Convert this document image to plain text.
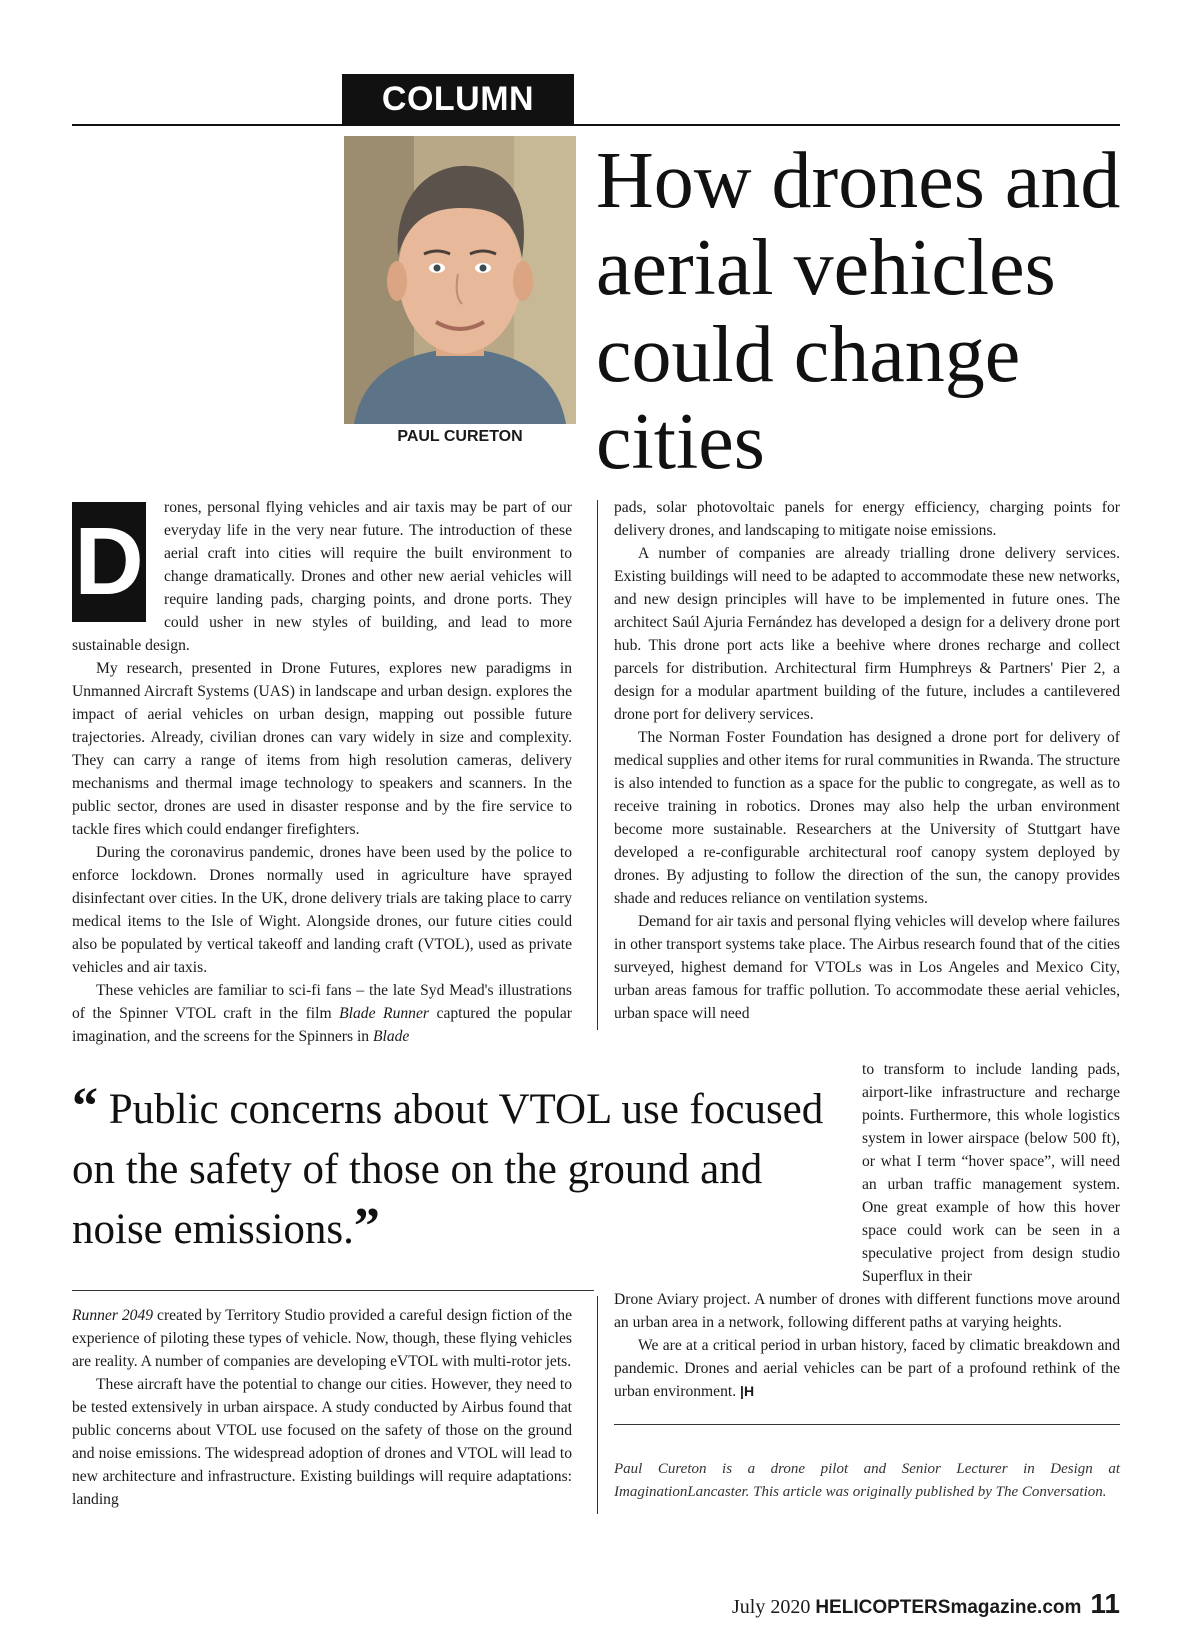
COLUMN
PAUL CURETON
How drones and aerial vehicles could change cities
D

rones, personal flying vehicles and air taxis may be part of our everyday life in the very near future. The introduction of these aerial craft into cities will require the built environment to change dramatically. Drones and other new aerial vehicles will require landing pads, charging points, and drone ports. They could usher in new styles of building, and lead to more sustainable design.

My research, presented in Drone Futures, explores new paradigms in Unmanned Aircraft Systems (UAS) in landscape and urban design. explores the impact of aerial vehicles on urban design, mapping out possible future trajectories. Already, civilian drones can vary widely in size and complexity. They can carry a range of items from high resolution cameras, delivery mechanisms and thermal image technology to speakers and scanners. In the public sector, drones are used in disaster response and by the fire service to tackle fires which could endanger firefighters.

During the coronavirus pandemic, drones have been used by the police to enforce lockdown. Drones normally used in agriculture have sprayed disinfectant over cities. In the UK, drone delivery trials are taking place to carry medical items to the Isle of Wight. Alongside drones, our future cities could also be populated by vertical takeoff and landing craft (VTOL), used as private vehicles and air taxis.

These vehicles are familiar to sci-fi fans – the late Syd Mead's illustrations of the Spinner VTOL craft in the film Blade Runner captured the popular imagination, and the screens for the Spinners in Blade

“ Public concerns about VTOL use focused on the safety of those on the ground and noise emissions.”

Runner 2049 created by Territory Studio provided a careful design fiction of the experience of piloting these types of vehicle. Now, though, these flying vehicles are reality. A number of companies are developing eVTOL with multi-rotor jets.

These aircraft have the potential to change our cities. However, they need to be tested extensively in urban airspace. A study conducted by Airbus found that public concerns about VTOL use focused on the safety of those on the ground and noise emissions. The widespread adoption of drones and VTOL will lead to new architecture and infrastructure. Existing buildings will require adaptations: landing

pads, solar photovoltaic panels for energy efficiency, charging points for delivery drones, and landscaping to mitigate noise emissions.

A number of companies are already trialling drone delivery services. Existing buildings will need to be adapted to accommodate these new networks, and new design principles will have to be implemented in future ones. The architect Saúl Ajuria Fernández has developed a design for a delivery drone port hub. This drone port acts like a beehive where drones recharge and collect parcels for distribution. Architectural firm Humphreys & Partners' Pier 2, a design for a modular apartment building of the future, includes a cantilevered drone port for delivery services.

The Norman Foster Foundation has designed a drone port for delivery of medical supplies and other items for rural communities in Rwanda. The structure is also intended to function as a space for the public to congregate, as well as to receive training in robotics. Drones may also help the urban environment become more sustainable. Researchers at the University of Stuttgart have developed a re-configurable architectural roof canopy system deployed by drones. By adjusting to follow the direction of the sun, the canopy provides shade and reduces reliance on ventilation systems.

Demand for air taxis and personal flying vehicles will develop where failures in other transport systems take place. The Airbus research found that of the cities surveyed, highest demand for VTOLs was in Los Angeles and Mexico City, urban areas famous for traffic pollution. To accommodate these aerial vehicles, urban space will need

to transform to include landing pads, airport-like infrastructure and recharge points. Furthermore, this whole logistics system in lower airspace (below 500 ft), or what I term “hover space”, will need an urban traffic management system. One great example of how this hover space could work can be seen in a speculative project from design studio Superflux in their

Drone Aviary project. A number of drones with different functions move around an urban area in a network, following different paths at varying heights.

We are at a critical period in urban history, faced by climatic breakdown and pandemic. Drones and aerial vehicles can be part of a profound rethink of the urban environment. |H

Paul Cureton is a drone pilot and Senior Lecturer in Design at ImaginationLancaster. This article was originally published by The Conversation.
July 2020 HELICOPTERSmagazine.com 11
